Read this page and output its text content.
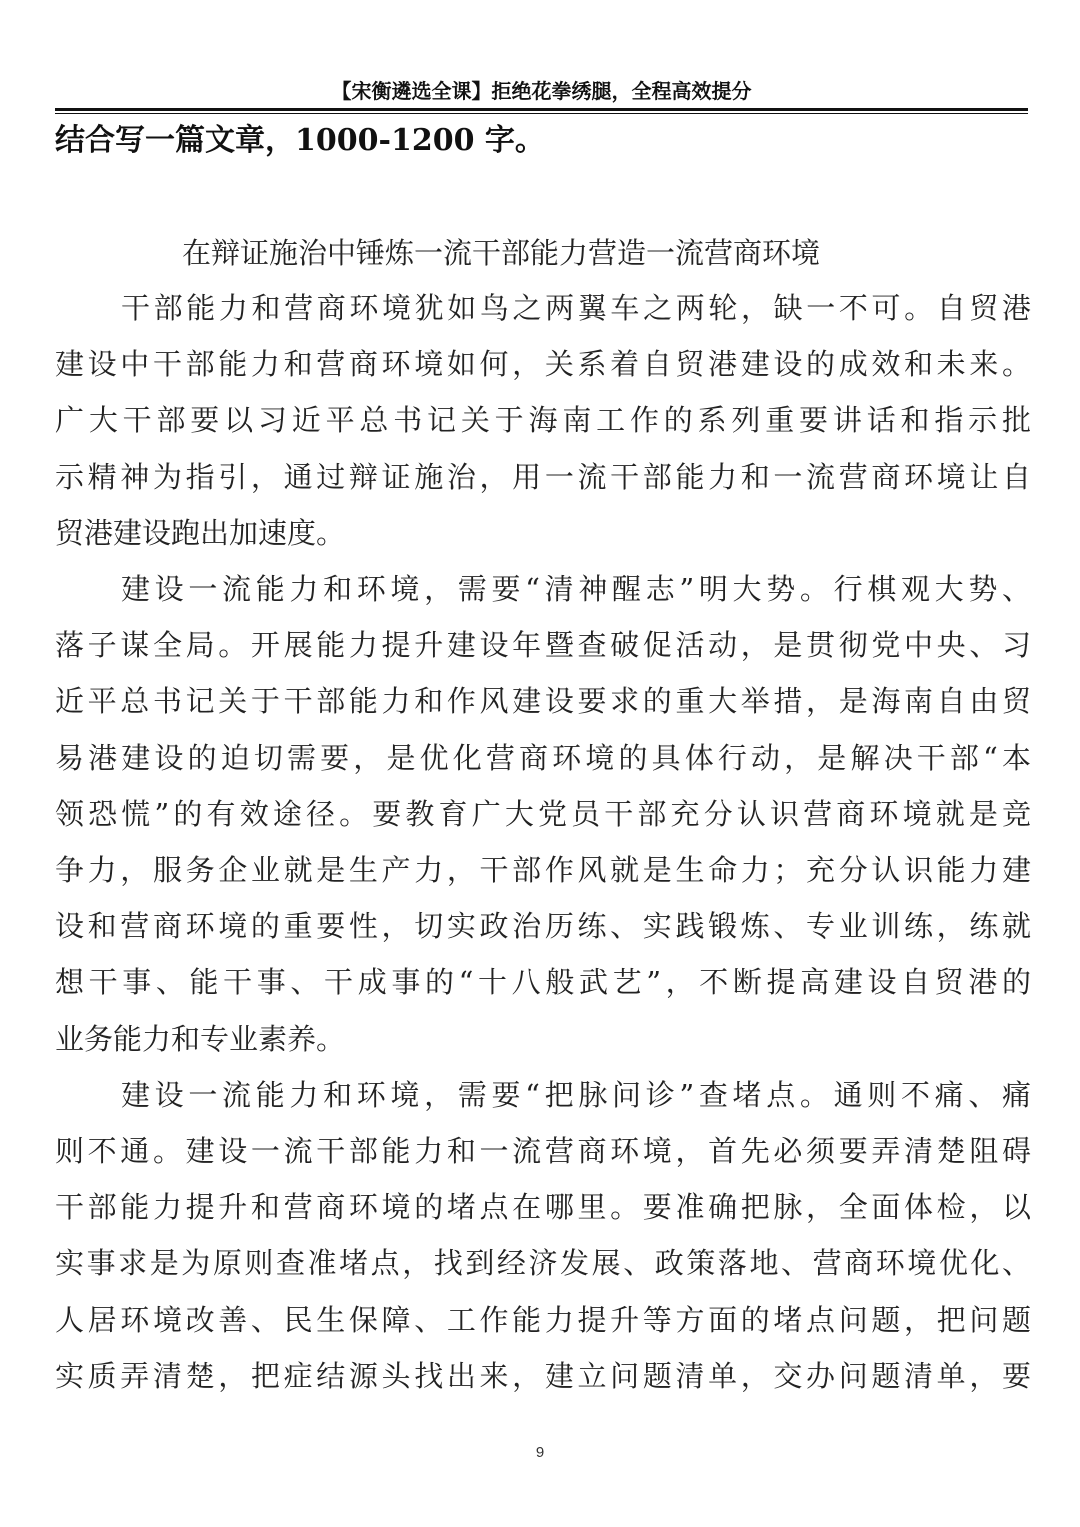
【宋衡遴选全课】拒绝花拳绣腿，全程高效提分
结合写一篇文章，1000-1200 字。
在辩证施治中锤炼一流干部能力营造一流营商环境
干部能力和营商环境犹如鸟之两翼车之两轮，缺一不可。自贸港
建设中干部能力和营商环境如何，关系着自贸港建设的成效和未来。
广大干部要以习近平总书记关于海南工作的系列重要讲话和指示批
示精神为指引，通过辩证施治，用一流干部能力和一流营商环境让自
贸港建设跑出加速度。
建设一流能力和环境，需要“清神醒志”明大势。行棋观大势、
落子谋全局。开展能力提升建设年暨查破促活动，是贯彻党中央、习
近平总书记关于干部能力和作风建设要求的重大举措，是海南自由贸
易港建设的迫切需要，是优化营商环境的具体行动，是解决干部“本
领恐慌”的有效途径。要教育广大党员干部充分认识营商环境就是竞
争力，服务企业就是生产力，干部作风就是生命力；充分认识能力建
设和营商环境的重要性，切实政治历练、实践锻炼、专业训练，练就
想干事、能干事、干成事的“十八般武艺”，不断提高建设自贸港的
业务能力和专业素养。
建设一流能力和环境，需要“把脉问诊”查堵点。通则不痛、痛
则不通。建设一流干部能力和一流营商环境，首先必须要弄清楚阻碍
干部能力提升和营商环境的堵点在哪里。要准确把脉，全面体检，以
实事求是为原则查准堵点，找到经济发展、政策落地、营商环境优化、
人居环境改善、民生保障、工作能力提升等方面的堵点问题，把问题
实质弄清楚，把症结源头找出来，建立问题清单，交办问题清单，要
9
